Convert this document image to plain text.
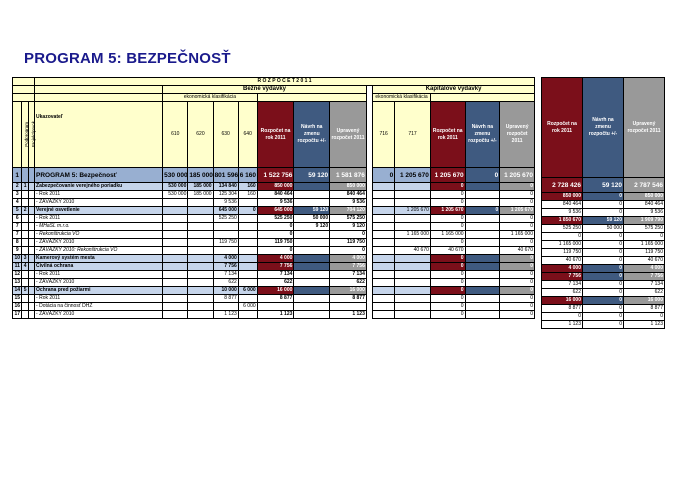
PROGRAM 5: BEZPEČNOSŤ
			R O Z P O Č E T 2 0 1 1													
				Bežné výdavky								Kapitálové výdavky				
				ekonomická klasifikácia								ekonomická klasifikácia				

	Podprogram	Projekt/prvok	Ukazovateľ	610	620	630	640	Rozpočet na rok 2011	Návrh na zmenu rozpočtu +/-	Upravený rozpočet 2011		716	717	Rozpočet na rok 2011	Návrh na zmenu rozpočtu +/-	Upravený rozpočet 2011
1			PROGRAM 5: Bezpečnosť	530 000	185 000	801 596	6 160	1 522 756	59 120	1 581 876		0	1 205 670	1 205 670	0	1 205 670
2	1		Zabezpečovanie verejného poriadku	530 000	185 000	134 840	160	850 000		850 000				0		0
3			- Rok 2011	530 000	185 000	125 304	160	840 464		840 464				0		0
4			- ZÁVÄZKY 2010			9 536		9 536		9 536				0		0
5	2		Verejné osvetlenie			645 000	0	645 000	59 120	704 120			1 205 670	1 205 670	0	1 205 670
6			- Rok 2011			525 250		525 250	50 000	575 250				0		0
7			- MHaSL m.r.o.					0	9 120	9 120				0		0
7			- Rekonštrukcia VO					0		0			1 165 000	1 165 000		1 165 000
8			- ZÁVÄZKY 2010			119 750		119 750		119 750				0		0
9			- ZÁVÄZKY 2010: Rekonštrukcia VO					0		0			40 670	40 670		40 670
10	3		Kamerový systém mesta			4 000		4 000		4 000				0		0
11	4		Civilná ochrana			7 756		7 756		7 756				0		0
12			- Rok 2011			7 134		7 134		7 134				0		0
13			- ZÁVÄZKY 2010			622		622		622				0		0
14	5		Ochrana pred požiarmi			10 000	6 000	16 000		16 000				0		0
15			- Rok 2011			8 877		8 877		8 877				0		0
16			- Dotácia na činnosť DHZ				6 000							0		0
17			- ZÁVÄZKY 2010			1 123		1 123		1 123				0		0
Rozpočet na rok 2011	Návrh na zmenu rozpočtu +/-	Upravený rozpočet 2011
2 728 426	59 120	2 787 546
850 000	0	850 000
840 464	0	840 464
9 536	0	9 536
1 850 670	59 120	1 909 790
525 250	50 000	575 250
0	0	0
1 165 000	0	1 165 000
119 750	0	119 750
40 670	0	40 670
4 000	0	4 000
7 756	0	7 756
7 134	0	7 134
622	0	622
16 000	0	16 000
8 877	0	8 877
0	0	0
1 123	0	1 123
